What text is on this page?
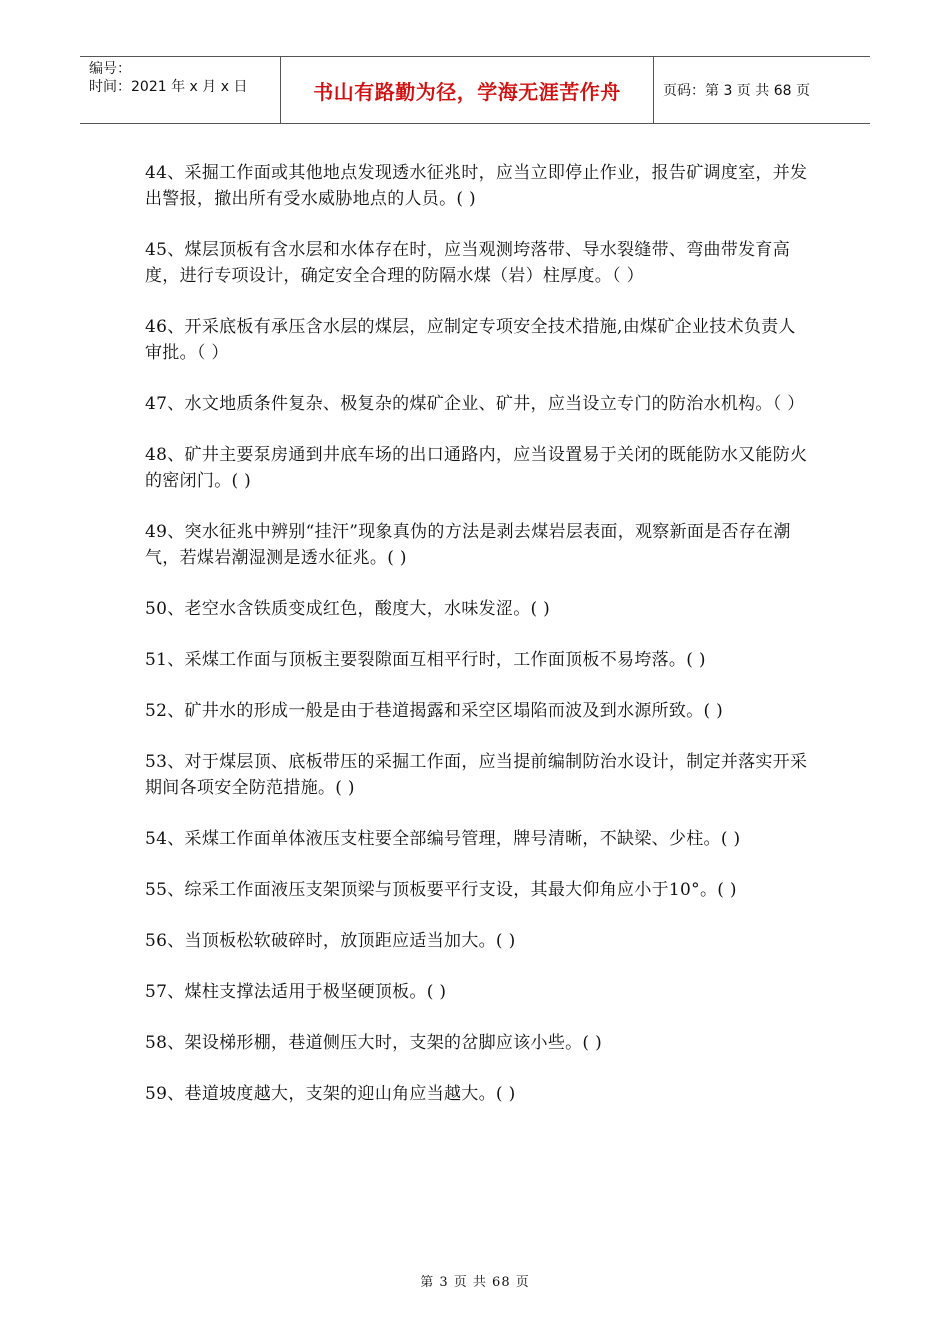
编号：
时间：2021 年 x 月 x 日	书山有路勤为径，学海无涯苦作舟	页码：第 3 页 共 68 页

44、采掘工作面或其他地点发现透水征兆时，应当立即停止作业，报告矿调度室，并发出警报，撤出所有受水威胁地点的人员。( )

45、煤层顶板有含水层和水体存在时，应当观测垮落带、导水裂缝带、弯曲带发育高度，进行专项设计，确定安全合理的防隔水煤（岩）柱厚度。（ ）

46、开采底板有承压含水层的煤层，应制定专项安全技术措施,由煤矿企业技术负责人审批。（ ）

47、水文地质条件复杂、极复杂的煤矿企业、矿井，应当设立专门的防治水机构。（ ）

48、矿井主要泵房通到井底车场的出口通路内，应当设置易于关闭的既能防水又能防火的密闭门。( )

49、突水征兆中辨别“挂汗”现象真伪的方法是剥去煤岩层表面，观察新面是否存在潮气，若煤岩潮湿测是透水征兆。( )

50、老空水含铁质变成红色，酸度大，水味发涩。( )

51、采煤工作面与顶板主要裂隙面互相平行时，工作面顶板不易垮落。( )

52、矿井水的形成一般是由于巷道揭露和采空区塌陷而波及到水源所致。( )

53、对于煤层顶、底板带压的采掘工作面，应当提前编制防治水设计，制定并落实开采期间各项安全防范措施。( )

54、采煤工作面单体液压支柱要全部编号管理，牌号清晰，不缺梁、少柱。( )

55、综采工作面液压支架顶梁与顶板要平行支设，其最大仰角应小于10°。( )

56、当顶板松软破碎时，放顶距应适当加大。( )

57、煤柱支撑法适用于极坚硬顶板。( )

58、架设梯形棚，巷道侧压大时，支架的岔脚应该小些。( )

59、巷道坡度越大，支架的迎山角应当越大。( )

第 3 页 共 68 页
